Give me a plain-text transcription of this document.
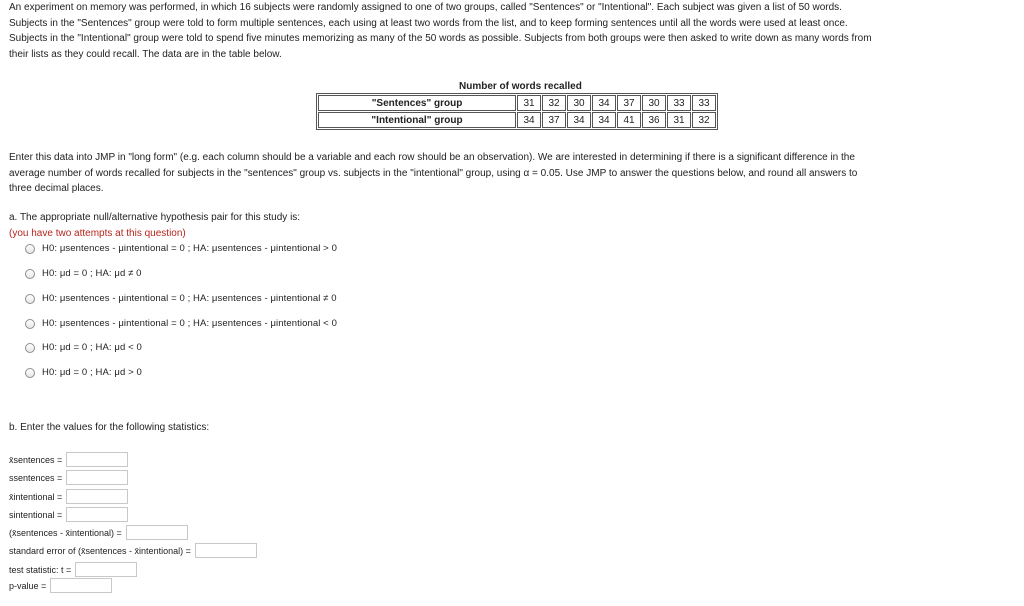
An experiment on memory was performed, in which 16 subjects were randomly assigned to one of two groups, called "Sentences" or "Intentional". Each subject was given a list of 50 words.

Subjects in the "Sentences" group were told to form multiple sentences, each using at least two words from the list, and to keep forming sentences until all the words were used at least once.

Subjects in the "Intentional" group were told to spend five minutes memorizing as many of the 50 words as possible. Subjects from both groups were then asked to write down as many words from

their lists as they could recall. The data are in the table below.

Number of words recalled
"Sentences" group	31	32	30	34	37	30	33	33
"Intentional" group	34	37	34	34	41	36	31	32

Enter this data into JMP in "long form" (e.g. each column should be a variable and each row should be an observation). We are interested in determining if there is a significant difference in the

average number of words recalled for subjects in the "sentences" group vs. subjects in the "intentional" group, using α = 0.05. Use JMP to answer the questions below, and round all answers to

three decimal places.

a. The appropriate null/alternative hypothesis pair for this study is:
(you have two attempts at this question)
H0: μsentences - μintentional = 0 ; HA: μsentences - μintentional > 0
H0: μd = 0 ; HA: μd ≠ 0
H0: μsentences - μintentional = 0 ; HA: μsentences - μintentional ≠ 0
H0: μsentences - μintentional = 0 ; HA: μsentences - μintentional < 0
H0: μd = 0 ; HA: μd < 0
H0: μd = 0 ; HA: μd > 0
b. Enter the values for the following statistics:
x̄sentences =
ssentences =
x̄intentional =
sintentional =
(x̄sentences - x̄intentional) =
standard error of (x̄sentences - x̄intentional) =
test statistic: t =
p-value =
